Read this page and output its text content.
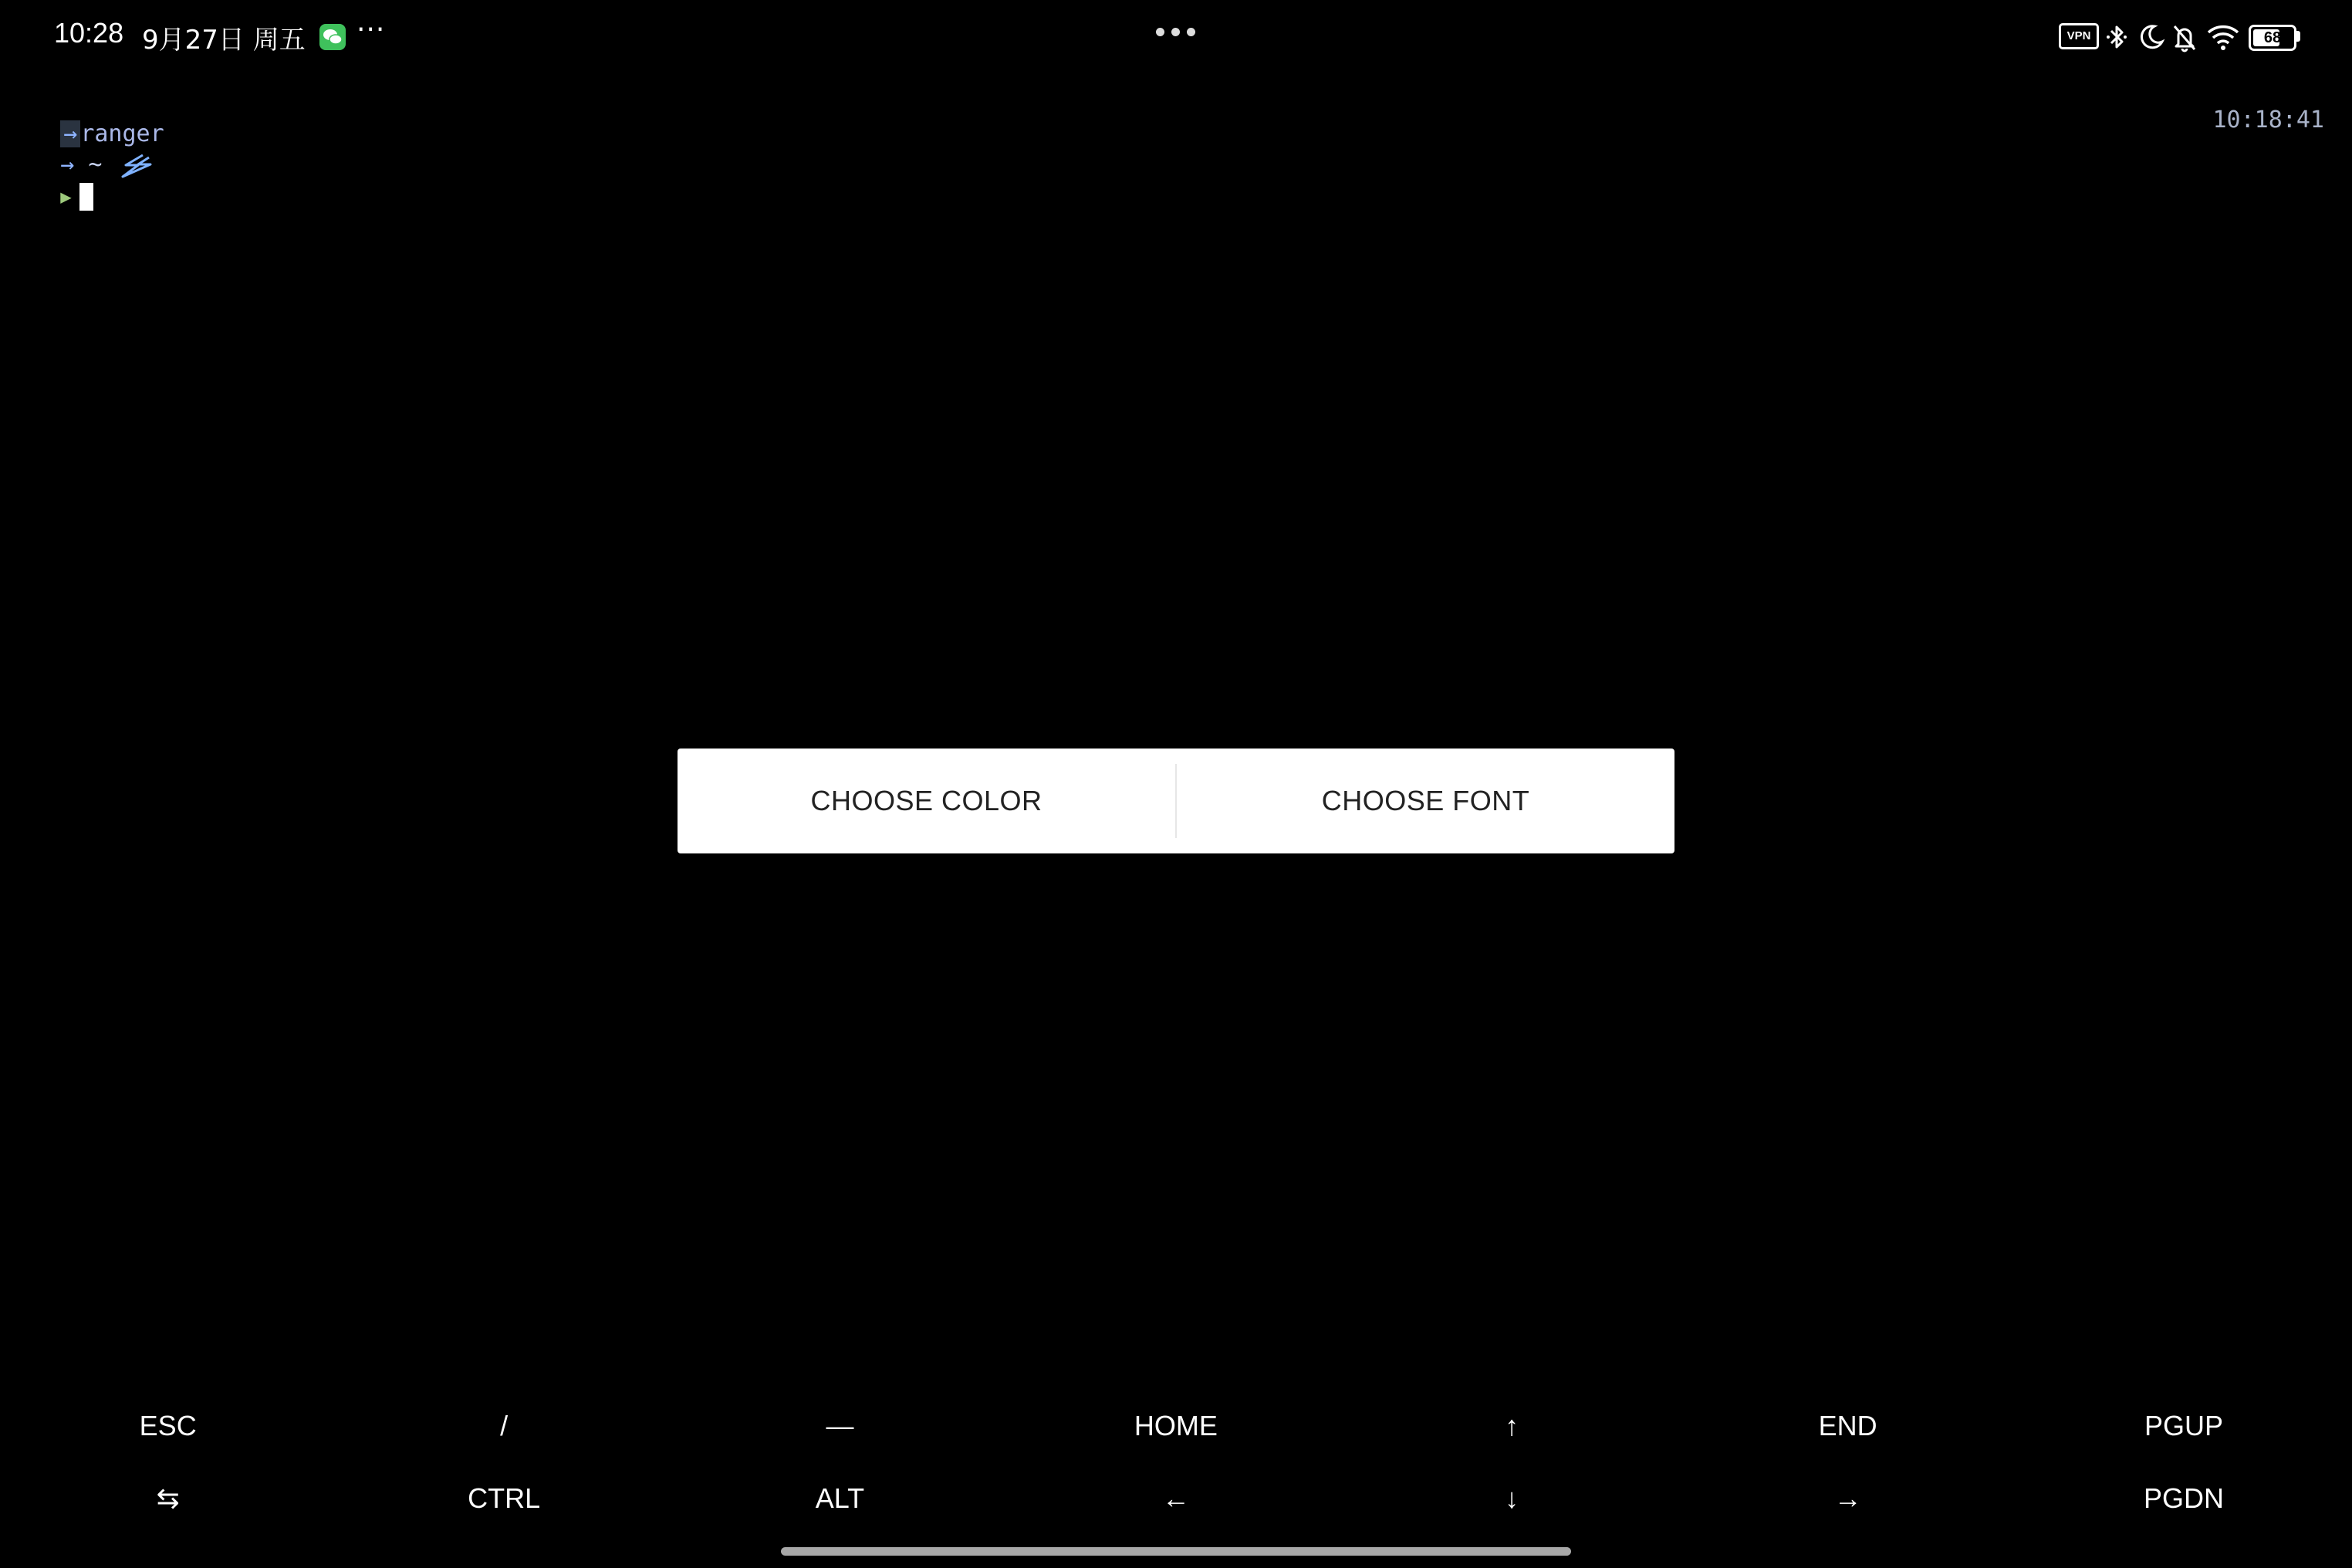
10:28 9月27日 周五 ···	VPN	68

→ ranger

→ ~

▶

10:18:41
CHOOSE COLOR	CHOOSE FONT
ESC	/	—	HOME	↑	END	PGUP
⇆	CTRL	ALT	←	↓	→	PGDN
